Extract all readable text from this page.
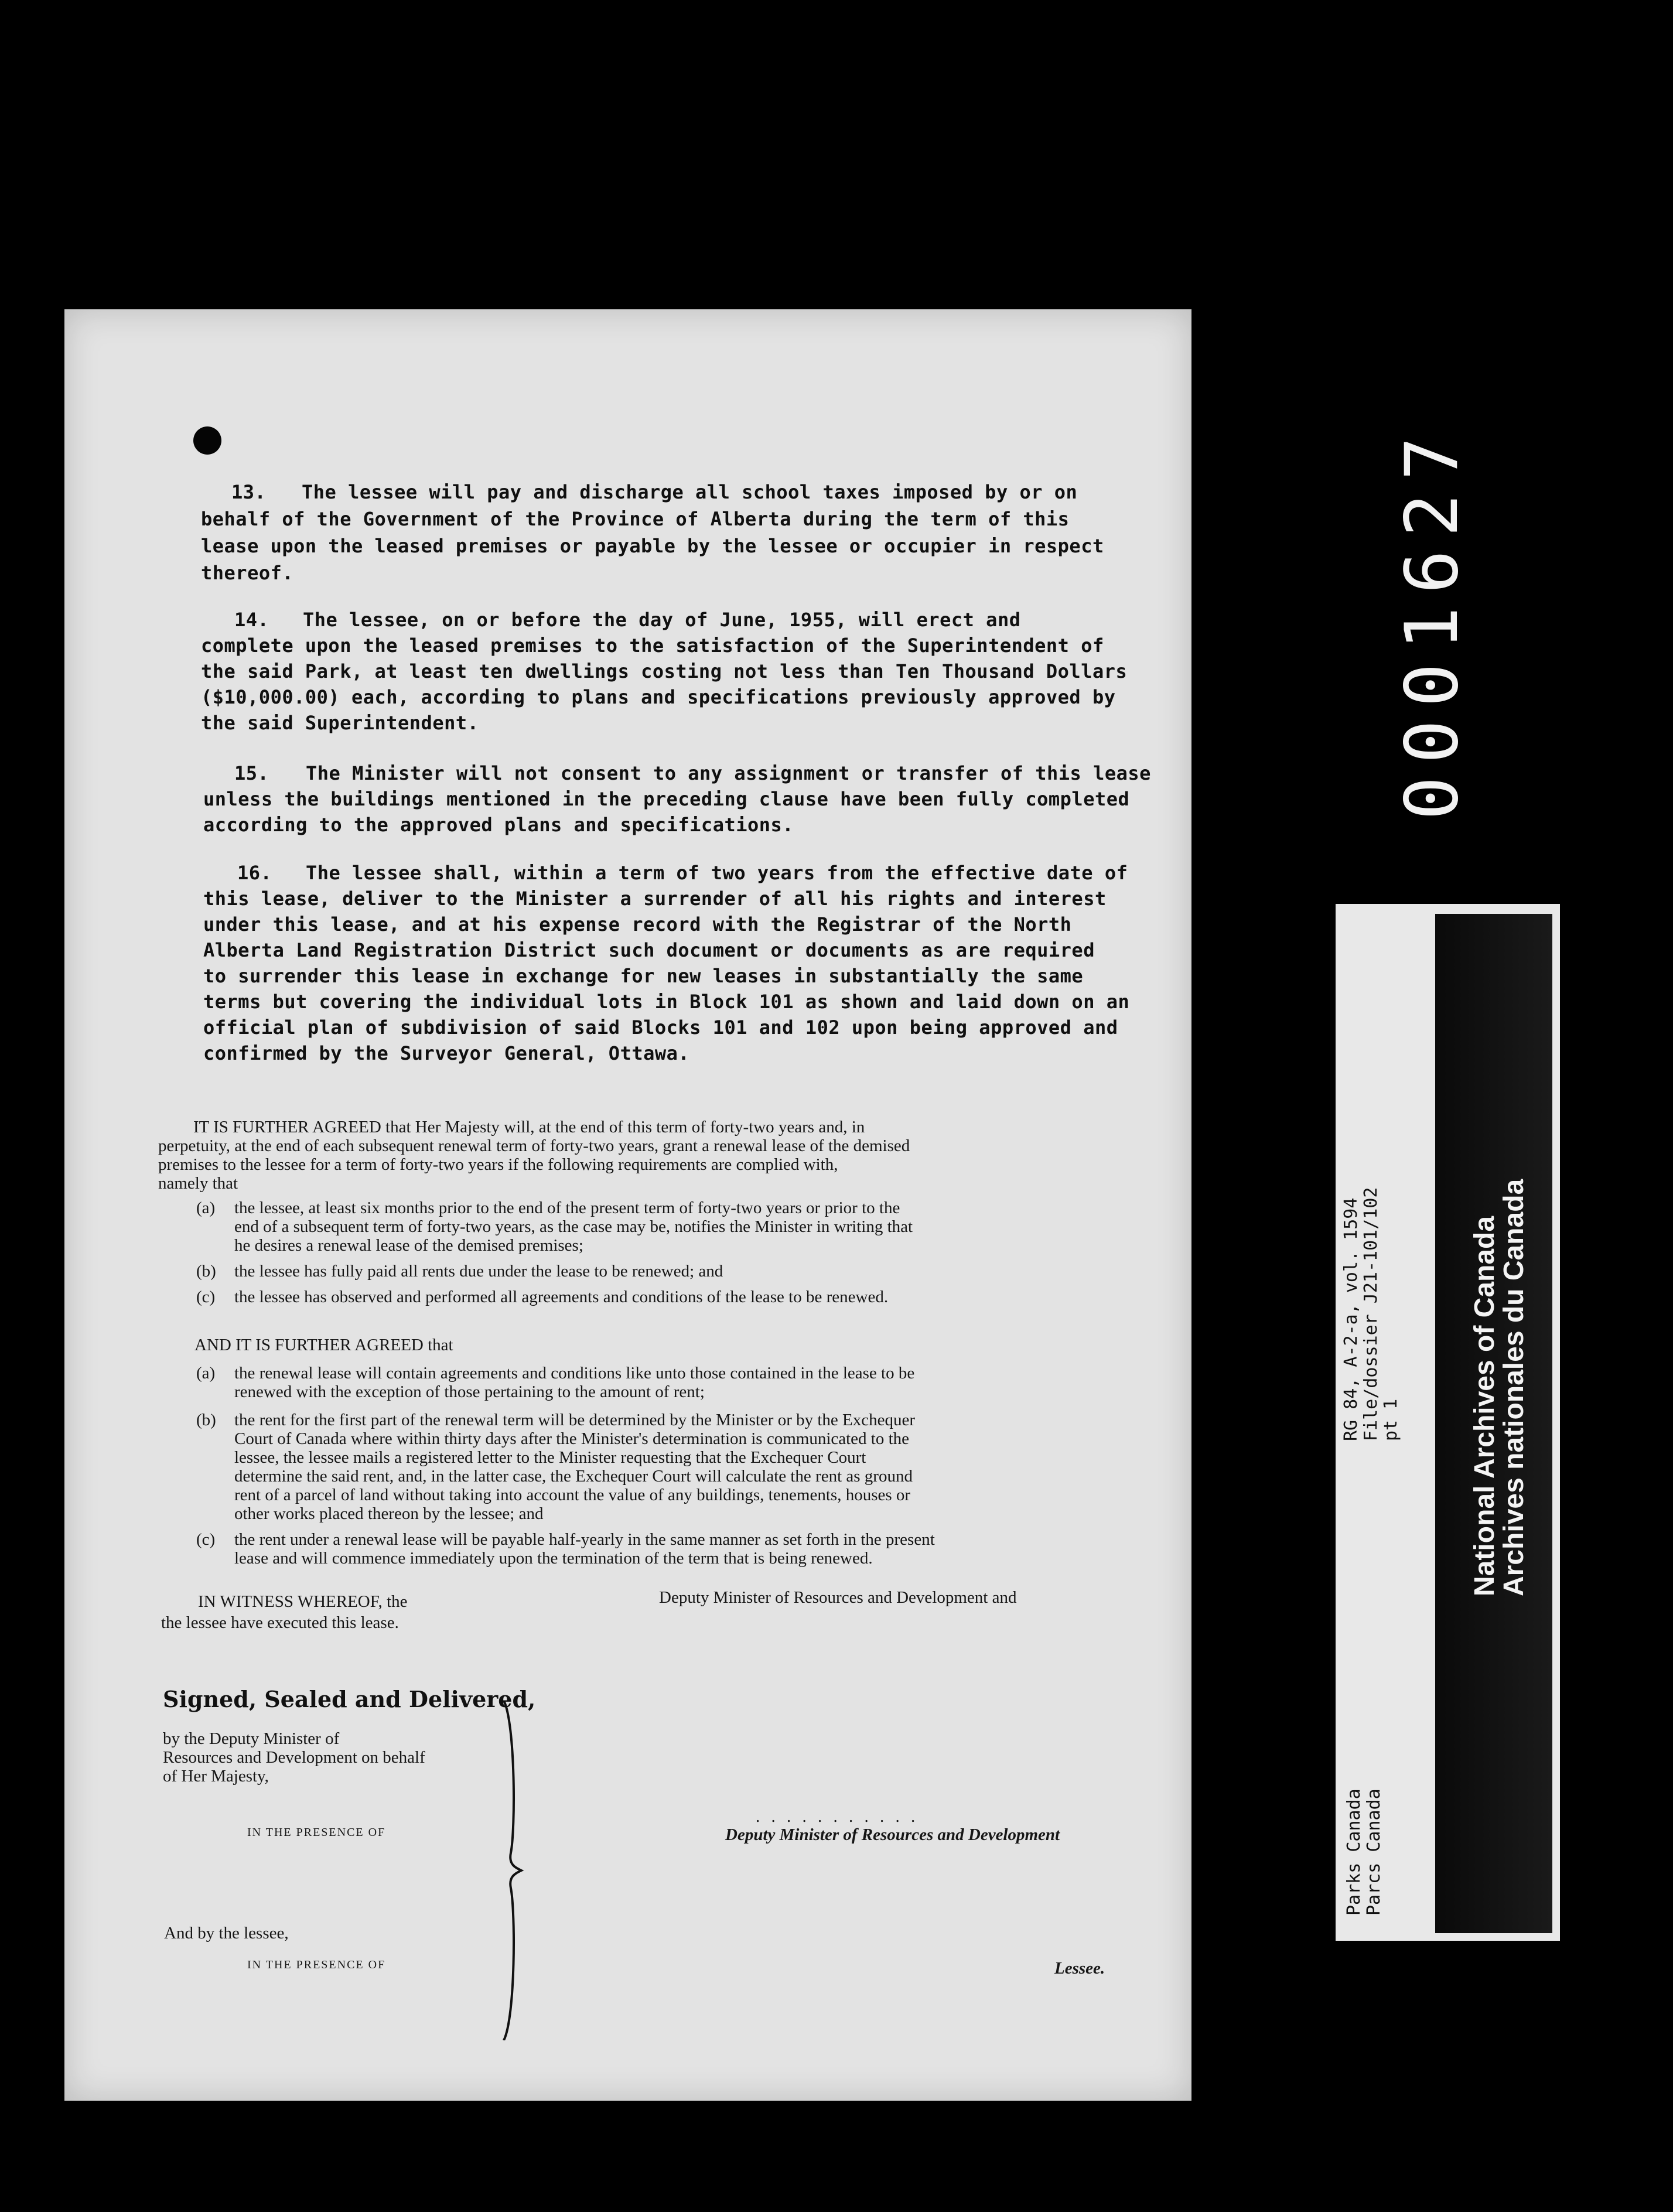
13. The lessee will pay and discharge all school taxes imposed by or on
behalf of the Government of the Province of Alberta during the term of this
lease upon the leased premises or payable by the lessee or occupier in respect
thereof.
14. The lessee, on or before the day of June, 1955, will erect and
complete upon the leased premises to the satisfaction of the Superintendent of
the said Park, at least ten dwellings costing not less than Ten Thousand Dollars
($10,000.00) each, according to plans and specifications previously approved by
the said Superintendent.
15. The Minister will not consent to any assignment or transfer of this lease
unless the buildings mentioned in the preceding clause have been fully completed
according to the approved plans and specifications.
16. The lessee shall, within a term of two years from the effective date of
this lease, deliver to the Minister a surrender of all his rights and interest
under this lease, and at his expense record with the Registrar of the North
Alberta Land Registration District such document or documents as are required
to surrender this lease in exchange for new leases in substantially the same
terms but covering the individual lots in Block 101 as shown and laid down on an
official plan of subdivision of said Blocks 101 and 102 upon being approved and
confirmed by the Surveyor General, Ottawa.
IT IS FURTHER AGREED that Her Majesty will, at the end of this term of forty-two years and, in
perpetuity, at the end of each subsequent renewal term of forty-two years, grant a renewal lease of the demised
premises to the lessee for a term of forty-two years if the following requirements are complied with,
namely that
(a) the lessee, at least six months prior to the end of the present term of forty-two years or prior to the
end of a subsequent term of forty-two years, as the case may be, notifies the Minister in writing that
he desires a renewal lease of the demised premises;
(b) the lessee has fully paid all rents due under the lease to be renewed; and
(c) the lessee has observed and performed all agreements and conditions of the lease to be renewed.
AND IT IS FURTHER AGREED that
(a) the renewal lease will contain agreements and conditions like unto those contained in the lease to be
renewed with the exception of those pertaining to the amount of rent;
(b) the rent for the first part of the renewal term will be determined by the Minister or by the Exchequer
Court of Canada where within thirty days after the Minister's determination is communicated to the
lessee, the lessee mails a registered letter to the Minister requesting that the Exchequer Court
determine the said rent, and, in the latter case, the Exchequer Court will calculate the rent as ground
rent of a parcel of land without taking into account the value of any buildings, tenements, houses or
other works placed thereon by the lessee; and
(c) the rent under a renewal lease will be payable half-yearly in the same manner as set forth in the present
lease and will commence immediately upon the termination of the term that is being renewed.
IN WITNESS WHEREOF, the	Deputy Minister of Resources and Development and
the lessee have executed this lease.
Signed, Sealed and Delivered,
by the Deputy Minister of
Resources and Development on behalf
of Her Majesty,
IN THE PRESENCE OF
. . . . . . . . . . .
Deputy Minister of Resources and Development
And by the lessee,
IN THE PRESENCE OF	Lessee.
0001627
RG 84, A-2-a, vol. 1594 File/dossier J21-101/102 pt 1
Parks Canada Parcs Canada
National Archives of Canada
Archives nationales du Canada
